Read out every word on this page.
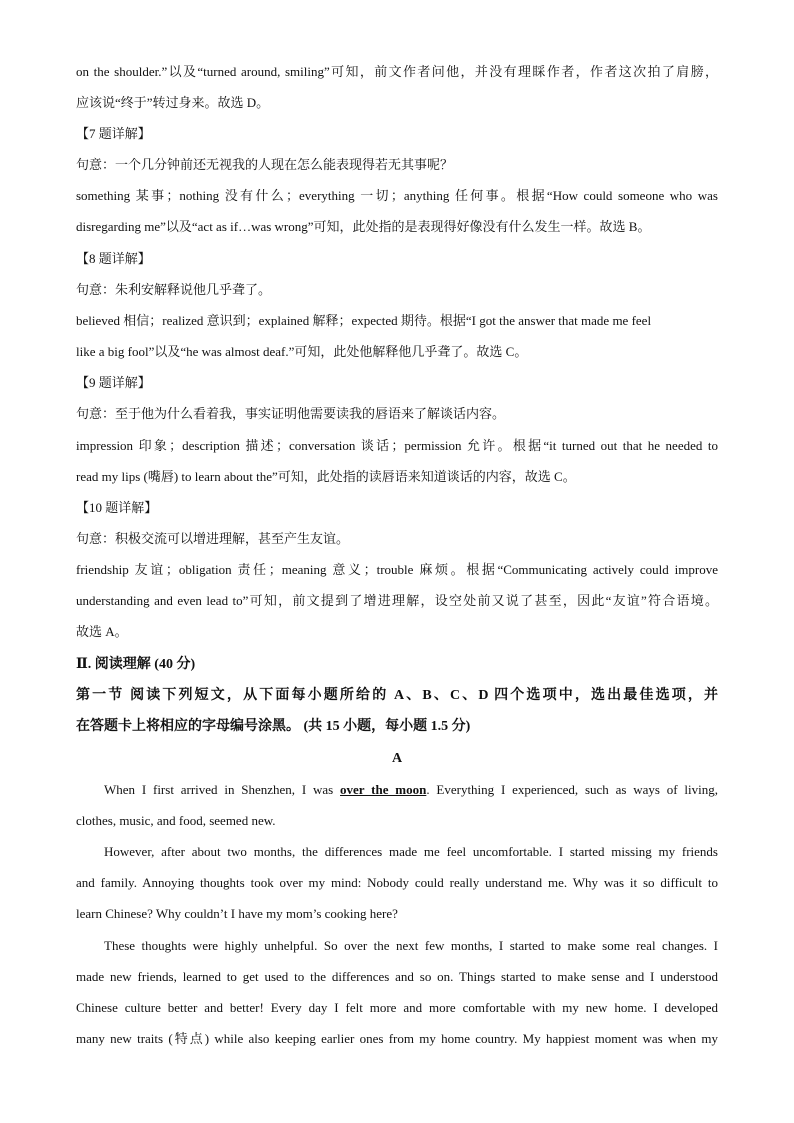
on the shoulder.”以及“turned around, smiling”可知，前文作者问他，并没有理睬作者，作者这次拍了肩膀，
应该说“终于”转过身来。故选 D。
【7 题详解】
句意：一个几分钟前还无视我的人现在怎么能表现得若无其事呢？
something 某事；nothing 没有什么；everything 一切；anything 任何事。根据“How could someone who was
disregarding me”以及“act as if…was wrong”可知，此处指的是表现得好像没有什么发生一样。故选 B。
【8 题详解】
句意：朱利安解释说他几乎聋了。
believed 相信；realized 意识到；explained 解释；expected 期待。根据“I got the answer that made me feel
like a big fool”以及“he was almost deaf.”可知，此处他解释他几乎聋了。故选 C。
【9 题详解】
句意：至于他为什么看着我，事实证明他需要读我的唇语来了解谈话内容。
impression 印象；description 描述；conversation 谈话；permission 允许。根据“it turned out that he needed to
read my lips (嘴唇) to learn about the”可知，此处指的读唇语来知道谈话的内容，故选 C。
【10 题详解】
句意：积极交流可以增进理解，甚至产生友谊。
friendship 友谊；obligation 责任；meaning 意义；trouble 麻烦。根据“Communicating actively could improve
understanding and even lead to”可知，前文提到了增进理解，设空处前又说了甚至，因此“友谊”符合语境。
故选 A。
Ⅱ. 阅读理解 (40 分)
第一节 阅读下列短文，从下面每小题所给的 A、B、C、D 四个选项中，选出最佳选项，并
在答题卡上将相应的字母编号涂黑。 (共 15 小题，每小题 1.5 分)
A
When I first arrived in Shenzhen, I was over the moon. Everything I experienced, such as ways of living,
clothes, music, and food, seemed new.
However, after about two months, the differences made me feel uncomfortable. I started missing my friends
and family. Annoying thoughts took over my mind: Nobody could really understand me. Why was it so difficult to
learn Chinese? Why couldn’t I have my mom’s cooking here?
These thoughts were highly unhelpful. So over the next few months, I started to make some real changes. I
made new friends, learned to get used to the differences and so on. Things started to make sense and I understood
Chinese culture better and better! Every day I felt more and more comfortable with my new home. I developed
many new traits (特点) while also keeping earlier ones from my home country. My happiest moment was when my
